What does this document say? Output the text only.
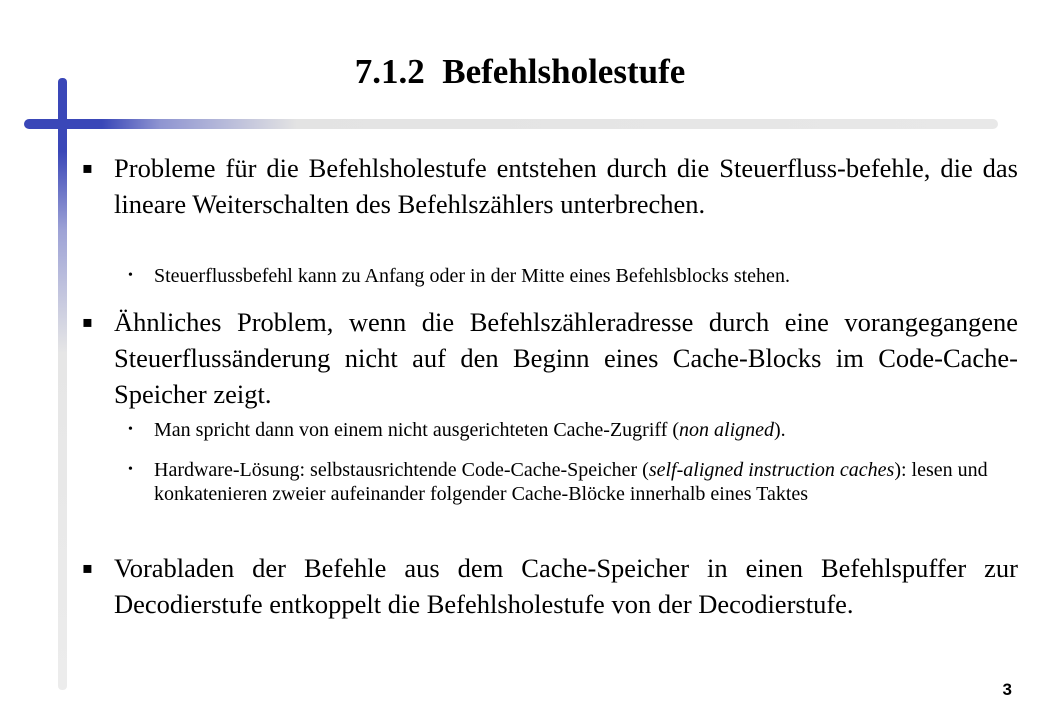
7.1.2  Befehlsholestufe
▪ Probleme für die Befehlsholestufe entstehen durch die Steuerfluss-befehle, die das lineare Weiterschalten des Befehlszählers unterbrechen.
• Steuerflussbefehl kann zu Anfang oder in der Mitte eines Befehlsblocks stehen.
▪ Ähnliches Problem, wenn die Befehlszähleradresse durch eine vorangegangene Steuerflussänderung nicht auf den Beginn eines Cache-Blocks im Code-Cache-Speicher zeigt.
• Man spricht dann von einem nicht ausgerichteten Cache-Zugriff (non aligned).
• Hardware-Lösung: selbstausrichtende Code-Cache-Speicher (self-aligned instruction caches): lesen und konkatenieren zweier aufeinander folgender Cache-Blöcke innerhalb eines Taktes
▪ Vorabladen der Befehle aus dem Cache-Speicher in einen Befehlspuffer zur Decodierstufe entkoppelt die Befehlsholestufe von der Decodierstufe.
3
